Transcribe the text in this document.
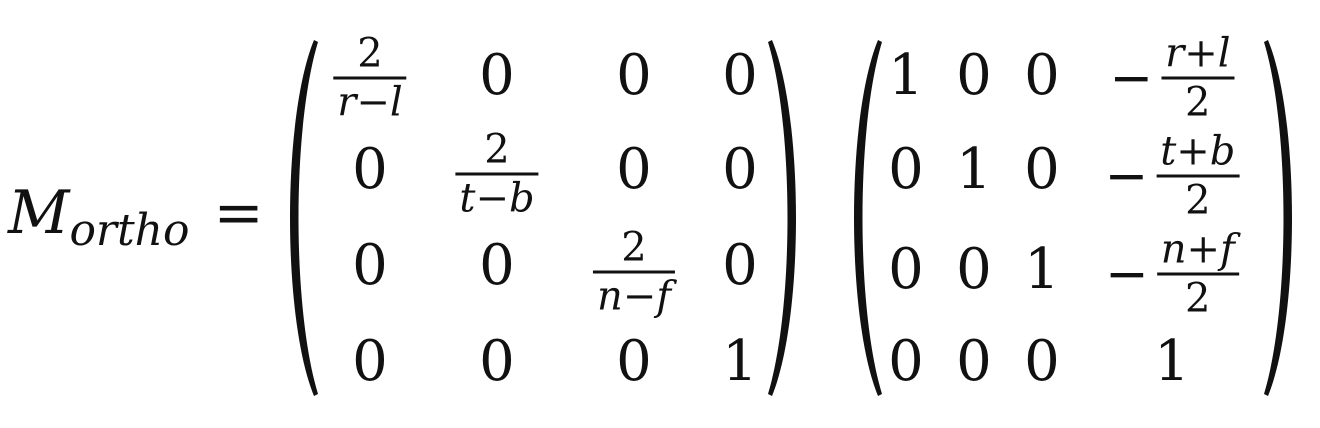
$M_{ortho}$ =
2
r−l 0 0 0
0 2
t−b 0 0
0 0	2
n−f 0
0 0 0 1
1 0 $0 - \frac{r+l}{2}$
0 1 $0 - \frac{t+b}{2}$
0 0 $1 - \frac{n+f}{2}$
0 0 0 1
